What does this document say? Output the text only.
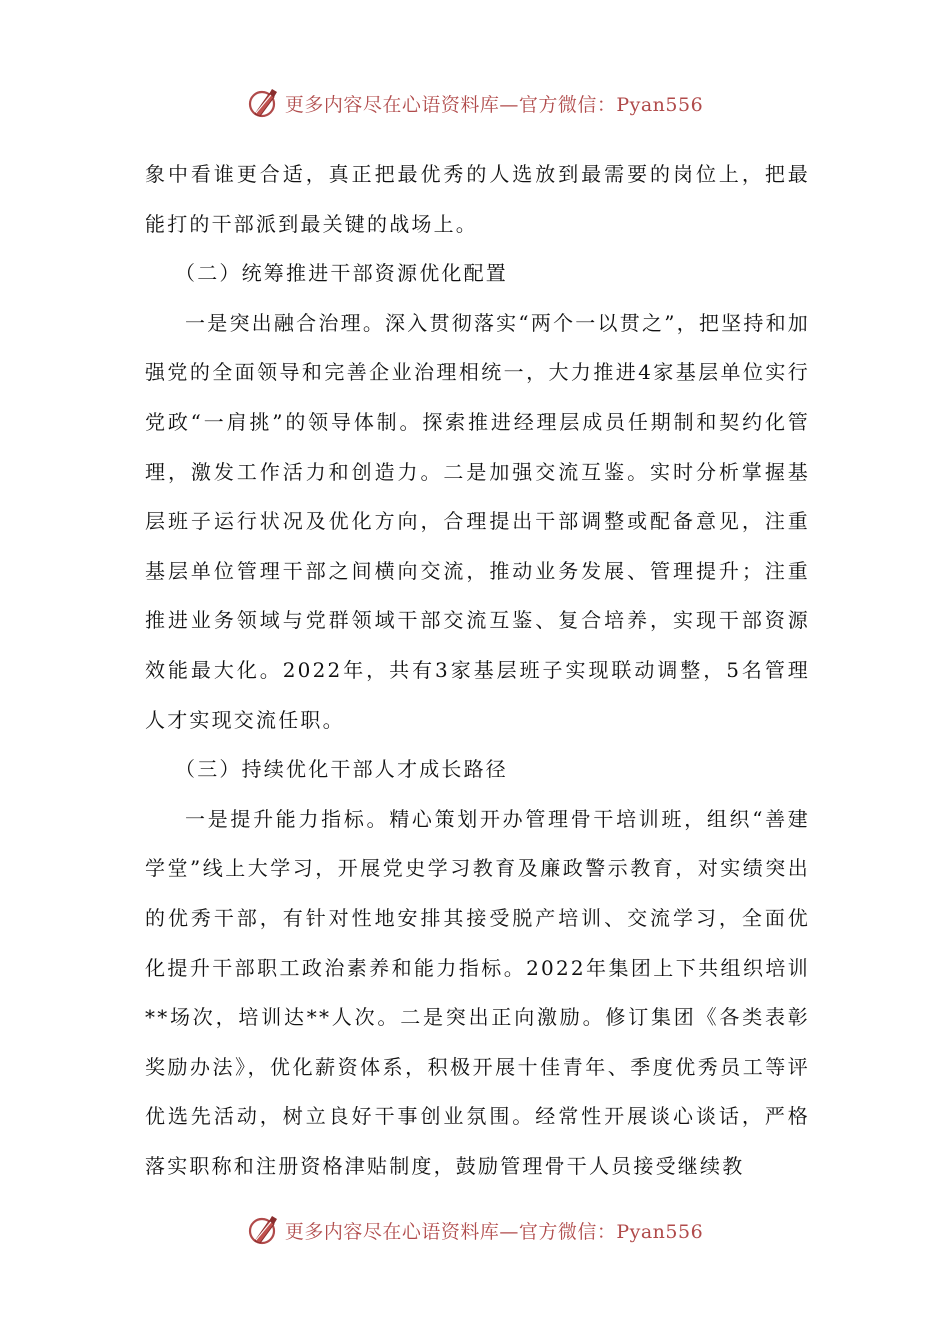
更多内容尽在心语资料库—官方微信：Pyan556

象中看谁更合适，真正把最优秀的人选放到最需要的岗位上，把最能打的干部派到最关键的战场上。

（二）统筹推进干部资源优化配置

一是突出融合治理。深入贯彻落实“两个一以贯之”，把坚持和加强党的全面领导和完善企业治理相统一，大力推进4家基层单位实行党政“一肩挑”的领导体制。探索推进经理层成员任期制和契约化管理，激发工作活力和创造力。二是加强交流互鉴。实时分析掌握基层班子运行状况及优化方向，合理提出干部调整或配备意见，注重基层单位管理干部之间横向交流，推动业务发展、管理提升；注重推进业务领域与党群领域干部交流互鉴、复合培养，实现干部资源效能最大化。2022年，共有3家基层班子实现联动调整，5名管理人才实现交流任职。

（三）持续优化干部人才成长路径

一是提升能力指标。精心策划开办管理骨干培训班，组织“善建学堂”线上大学习，开展党史学习教育及廉政警示教育，对实绩突出的优秀干部，有针对性地安排其接受脱产培训、交流学习，全面优化提升干部职工政治素养和能力指标。2022年集团上下共组织培训**场次，培训达**人次。二是突出正向激励。修订集团《各类表彰奖励办法》，优化薪资体系，积极开展十佳青年、季度优秀员工等评优选先活动，树立良好干事创业氛围。经常性开展谈心谈话，严格落实职称和注册资格津贴制度，鼓励管理骨干人员接受继续教

更多内容尽在心语资料库—官方微信：Pyan556
